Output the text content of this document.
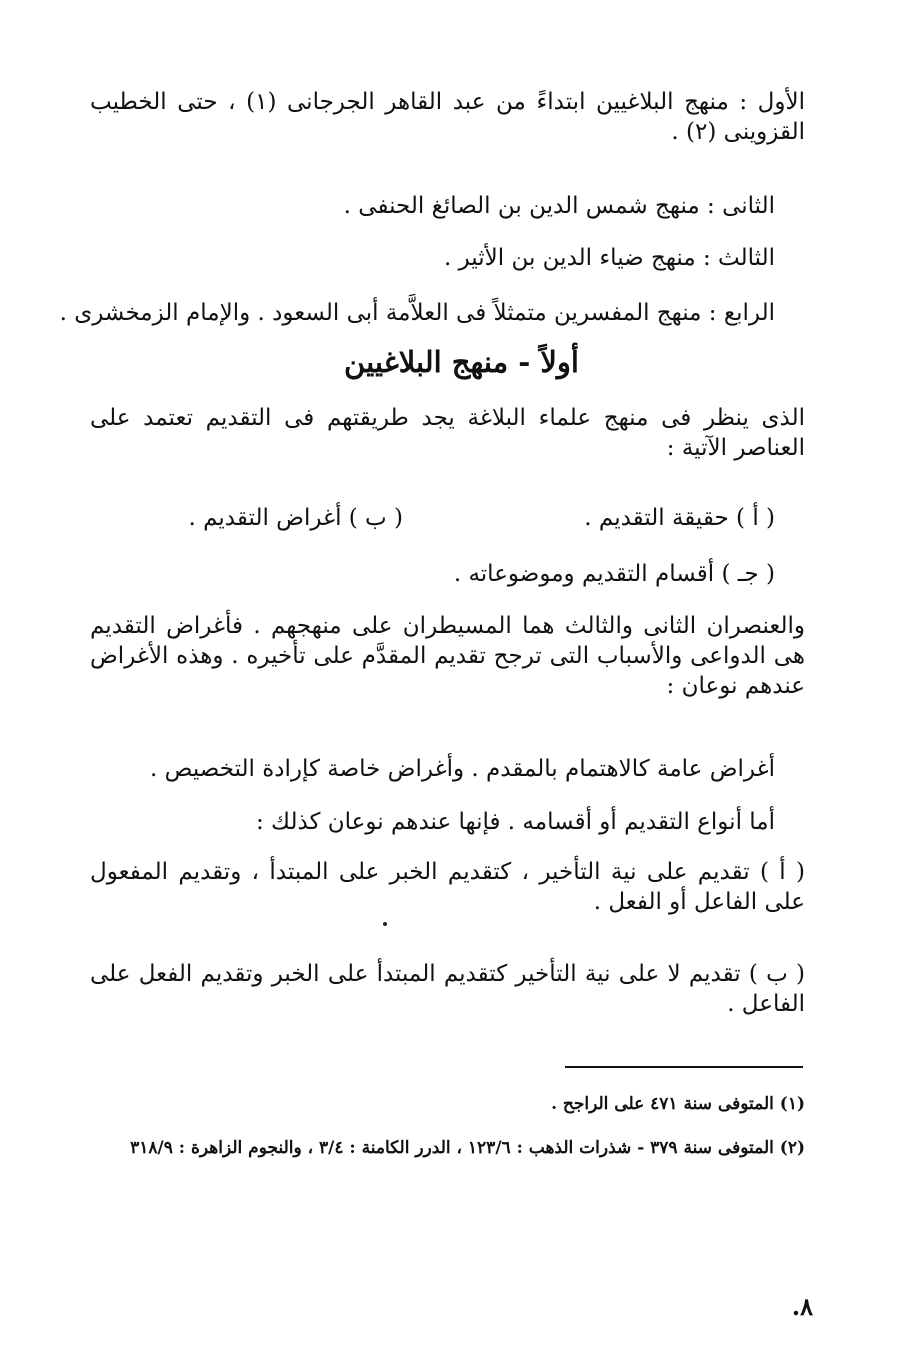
الأول : منهج البلاغيين ابتداءً من عبد القاهر الجرجانى (١) ، حتى الخطيب القزوينى (٢) .

الثانى : منهج شمس الدين بن الصائغ الحنفى .

الثالث : منهج ضياء الدين بن الأثير .

الرابع : منهج المفسرين متمثلاً فى العلاَّمة أبى السعود . والإمام الزمخشرى .

أولاً - منهج البلاغيين

الذى ينظر فى منهج علماء البلاغة يجد طريقتهم فى التقديم تعتمد على العناصر الآتية :

( أ ) حقيقة التقديم .
( ب ) أغراض التقديم .

( جـ ) أقسام التقديم وموضوعاته .

والعنصران الثانى والثالث هما المسيطران على منهجهم . فأغراض التقديم هى الدواعى والأسباب التى ترجح تقديم المقدَّم على تأخيره . وهذه الأغراض عندهم نوعان :

أغراض عامة كالاهتمام بالمقدم . وأغراض خاصة كإرادة التخصيص .

أما أنواع التقديم أو أقسامه . فإنها عندهم نوعان كذلك :

( أ ) تقديم على نية التأخير ، كتقديم الخبر على المبتدأ ، وتقديم المفعول على الفاعل أو الفعل .

( ب ) تقديم لا على نية التأخير كتقديم المبتدأ على الخبر وتقديم الفعل على الفاعل .

(١) المتوفى سنة ٤٧١ على الراجح .

(٢) المتوفى سنة ٣٧٩ - شذرات الذهب : ١٢٣/٦ ، الدرر الكامنة : ٣/٤ ، والنجوم الزاهرة : ٣١٨/٩

٨.
